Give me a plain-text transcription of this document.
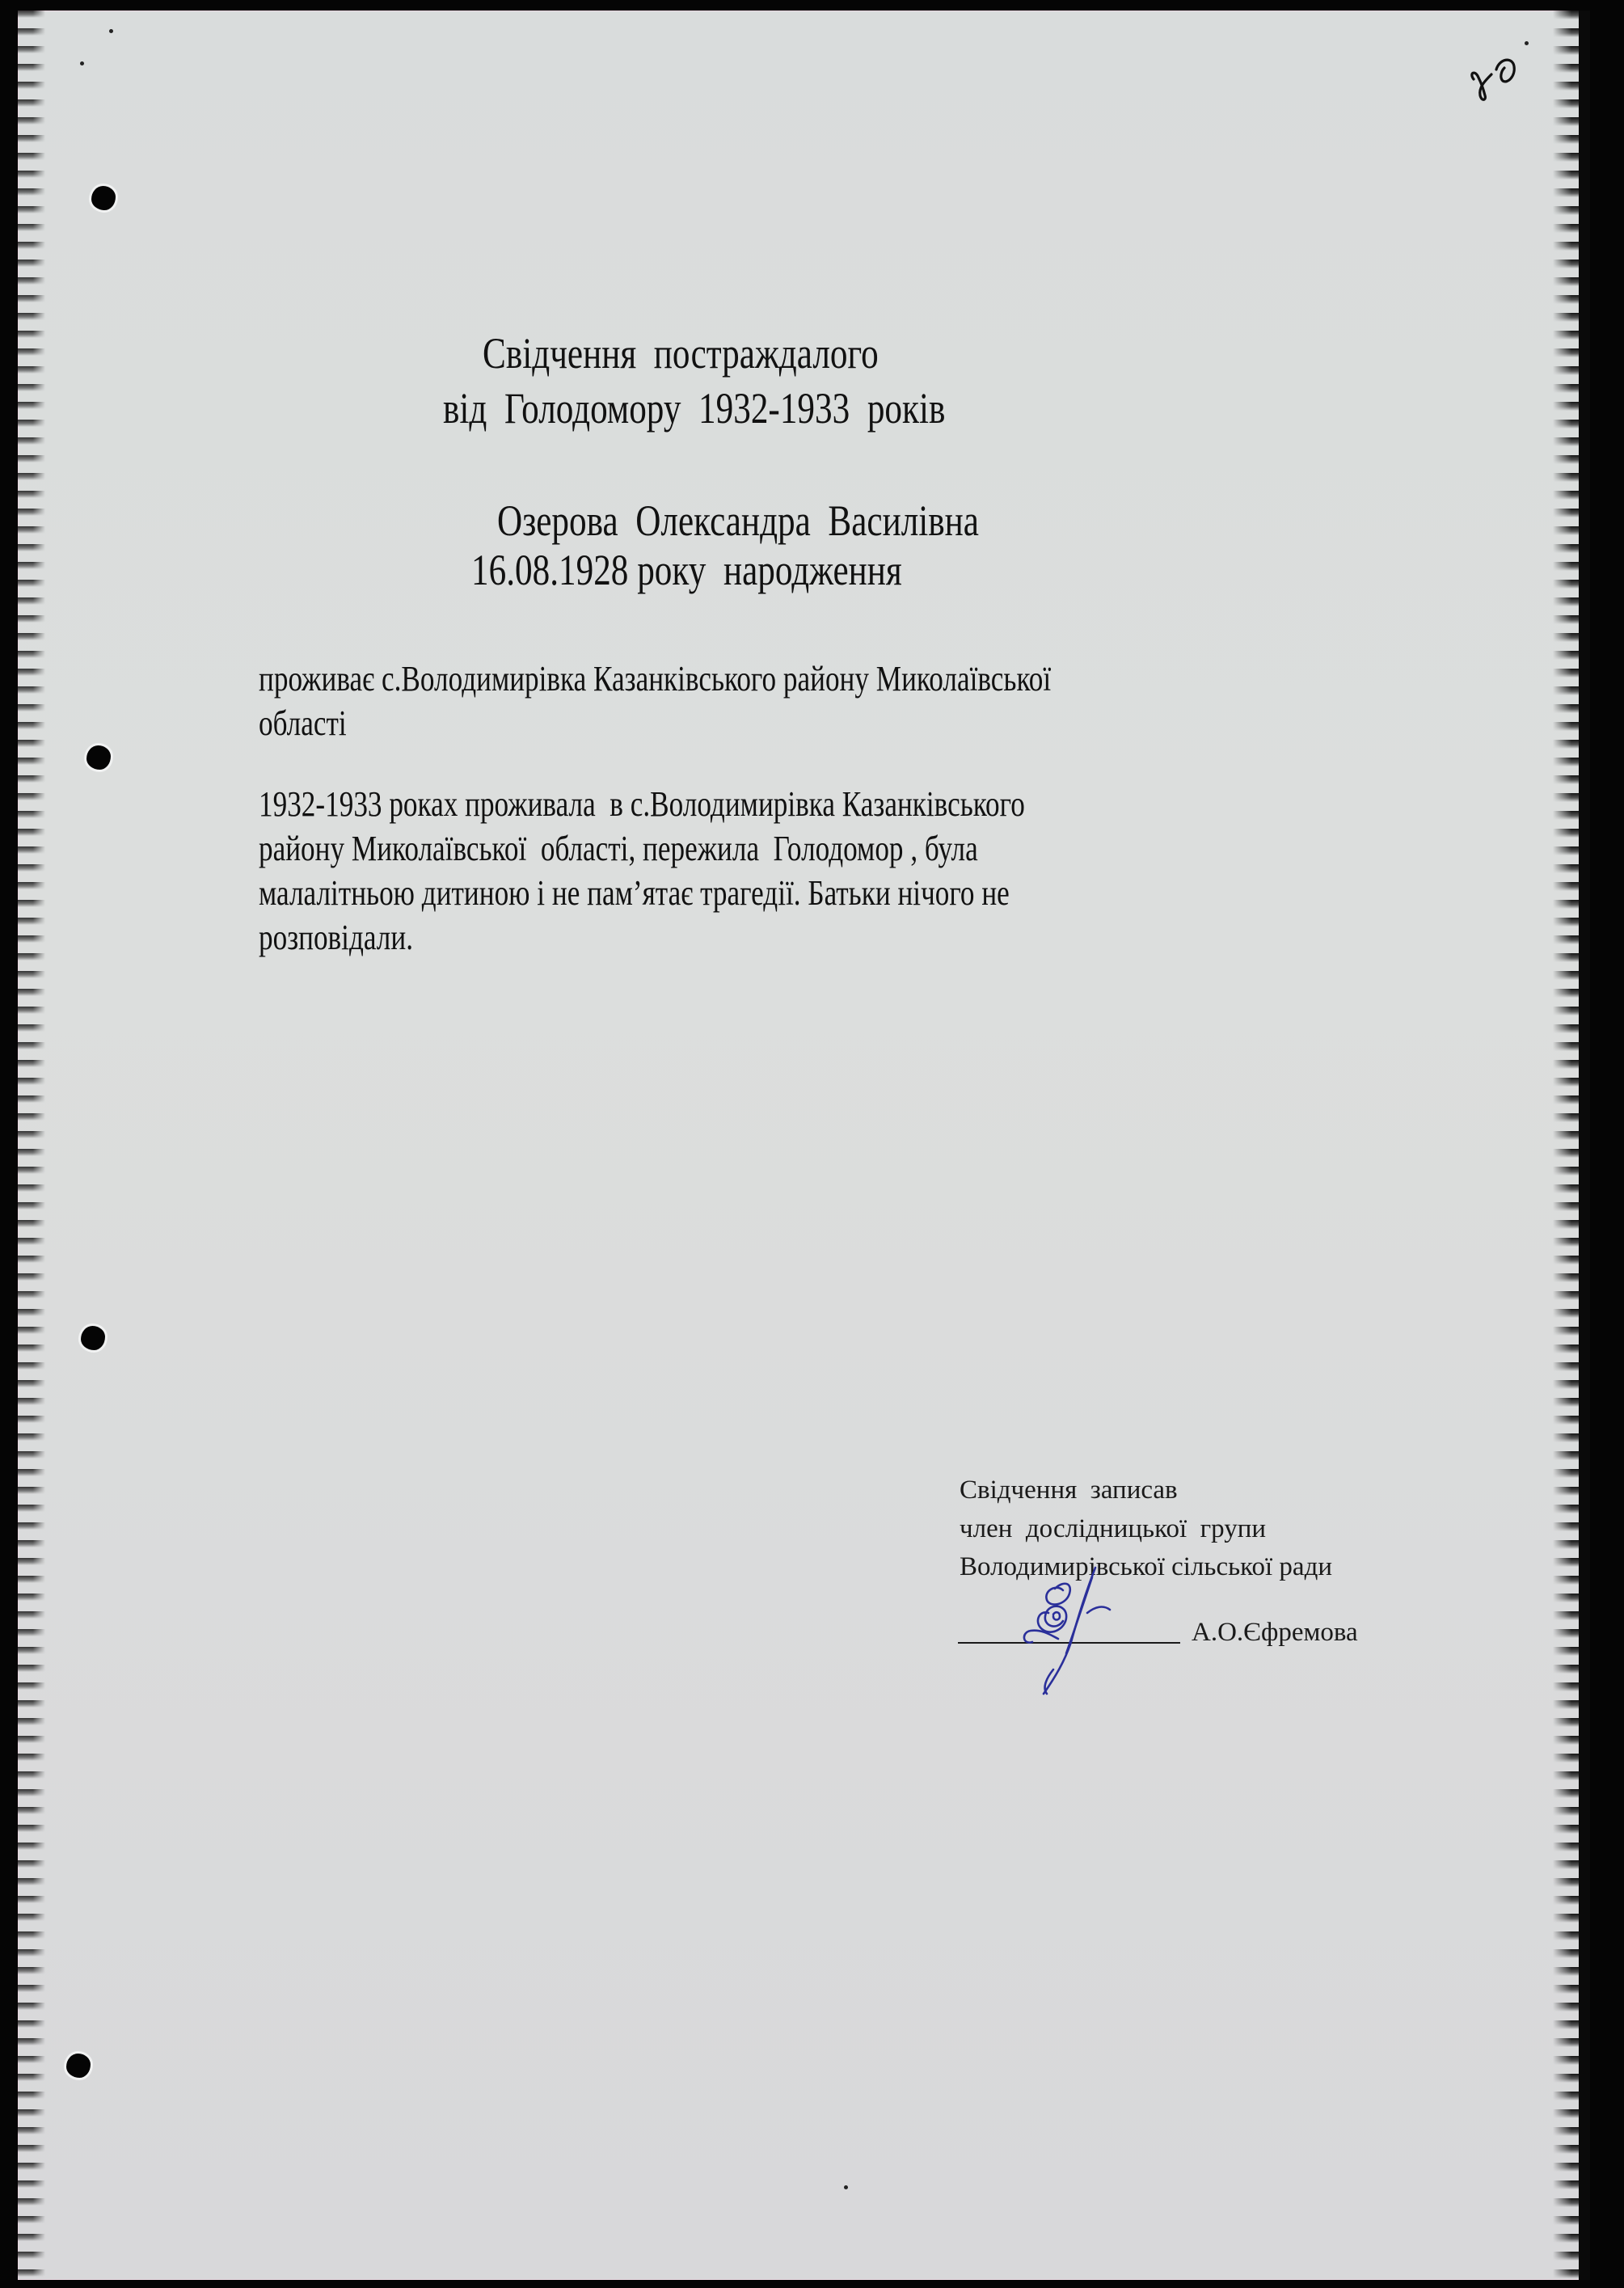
Свідчення  постраждалого
від  Голодомору  1932-1933  років
Озерова  Олександра  Василівна
16.08.1928 року  народження
проживає с.Володимирівка Казанківського району Миколаївської
області
1932-1933 роках проживала  в с.Володимирівка Казанківського
району Миколаївської  області, пережила  Голодомор , була
малалітньою дитиною і не пам’ятає трагедії. Батьки нічого не
розповідали.
Свідчення  записав
член  дослідницької  групи
Володимирівської сільської ради
А.О.Єфремова
